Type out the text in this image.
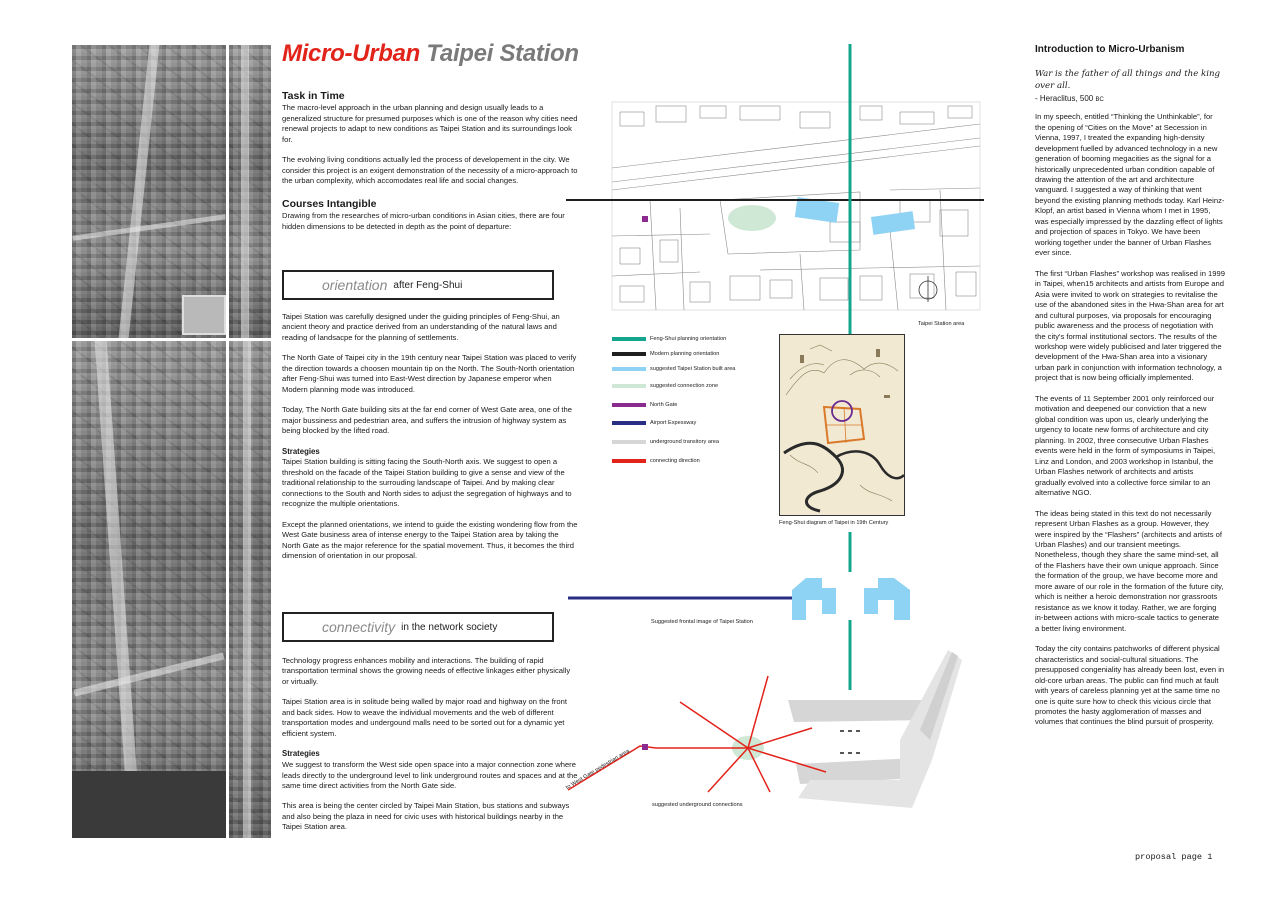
Micro-Urban Taipei Station
Task in Time

The macro-level approach in the urban planning and design usually leads to a generalized structure for presumed purposes which is one of the reason why cities need renewal projects to adapt to new conditions as Taipei Station and its surroundings look for.

The evolving living conditions actually led the process of developement in the city. We consider this project is an exigent demonstration of the necessity of a micro-approach to the urban complexity, which accomodates real life and social changes.

Courses Intangible

Drawing from the researches of micro-urban conditions in Asian cities, there are four hidden dimensions to be detected in depth as the point of departure:

orientation after Feng-Shui

Taipei Station was carefully designed under the guiding principles of Feng-Shui, an ancient theory and practice derived from an understanding of the natural laws and reading of landsacpe for the planning of settlements.

The North Gate of Taipei city in the 19th century near Taipei Station was placed to verify the direction towards a choosen mountain tip on the North. The South-North orientation after Feng-Shui was turned into East-West direction by Japanese emperor when Modern planning mode was introduced.

Today, The North Gate building sits at the far end corner of West Gate area, one of the major bussiness and pedestrian area, and suffers the intrusion of highway system as being blocked by the lifted road.

Strategies

Taipei Station building is sitting facing the South-North axis. We suggest to open a threshold on the facade of the Taipei Station building to give a sense and view of the traditional relationship to the surrouding landscape of Taipei. And by making clear connections to the South and North sides to adjust the segregation of highways and to recognize the multiple orientations.

Except the planned orientations, we intend to guide the existing wondering flow from the West Gate business area of intense energy to the Taipei Station area by taking the North Gate as the major reference for the spatial movement. Thus, it becomes the third dimension of orientation in our proposal.

connectivity in the network society

Technology progress enhances mobility and interactions. The building of rapid transportation terminal shows the growing needs of effective linkages either physically or virtually.

Taipei Station area is in solitude being walled by major road and highway on the front and back sides. How to weave the individual movements and the web of different transportation modes and undergound malls need to be sorted out for a dynamic yet efficient system.

Strategies

We suggest to transform the West side open space into a major connection zone where leads directly to the underground level to link underground routes and spaces and at the same time direct activities from the North Gate side.

This area is being the center circled by Taipei Main Station, bus stations and subways and also being the plaza in need for civic uses with historical buildings nearby in the Taipei Station area.

Taipei Station area
Feng-Shui diagram of Taipei in 19th Century
Suggested frontal image of Taipei Station
to West Gate pedestrian area
suggested underground connections
Feng-Shui planning orientation
Modern planning orientation
suggested Taipei Station built area
suggested connection zone
North Gate
Airport Expessway
underground transitory area
connecting direction
Introduction to Micro-Urbanism

War is the father of all things and the king over all.

- Heraclitus, 500 BC

In my speech, entitled “Thinking the Unthinkable”, for the opening of “Cities on the Move” at Secession in Vienna, 1997, I treated the expanding high-density development fuelled by advanced technology in a new generation of booming megacities as the signal for a historically unprecedented urban condition capable of drawing the attention of the art and architecture vanguard. I suggested a way of thinking that went beyond the existing planning methods today. Karl Heinz-Klopf, an artist based in Vienna whom I met in 1995, was especially impressed by the dazzling effect of lights and projection of spaces in Tokyo. We have been working together under the banner of Urban Flashes ever since.

The first “Urban Flashes” workshop was realised in 1999 in Taipei, when15 architects and artists from Europe and Asia were invited to work on strategies to revitalise the use of the abandoned sites in the Hwa-Shan area for art and cultural purposes, via proposals for encouraging public awareness and the process of negotiation with the city's formal institutional sectors. The results of the workshop were widely publicised and later triggered the development of the Hwa-Shan area into a visionary urban park in conjunction with information technology, a project that is now being officially implemented.

The events of 11 September 2001 only reinforced our motivation and deepened our conviction that a new global condition was upon us, clearly underlying the urgency to locate new forms of architecture and city planning. In 2002, three consecutive Urban Flashes events were held in the form of symposiums in Taipei, Linz and London, and 2003 workshop in Istanbul, the Urban Flashes network of architects and artists gradually evolved into a collective force similar to an alternative NGO.

The ideas being stated in this text do not necessarily represent Urban Flashes as a group. However, they were inspired by the “Flashers” (architects and artists of Urban Flashes) and our transient meetings. Nonetheless, though they share the same mind-set, all of the Flashers have their own unique approach. Since the formation of the group, we have become more and more aware of our role in the formation of the future city, which is neither a heroic demonstration nor grassroots resistance as we know it today. Rather, we are forging in-between actions with micro-scale tactics to generate a better living environment.

Today the city contains patchworks of different physical characteristics and social-cultural situations. The presupposed congeniality has already been lost, even in old-core urban areas. The public can find much at fault with years of careless planning yet at the same time no one is quite sure how to check this vicious circle that promotes the hasty agglomeration of masses and volumes that continues the blind pursuit of prosperity.

proposal page 1
